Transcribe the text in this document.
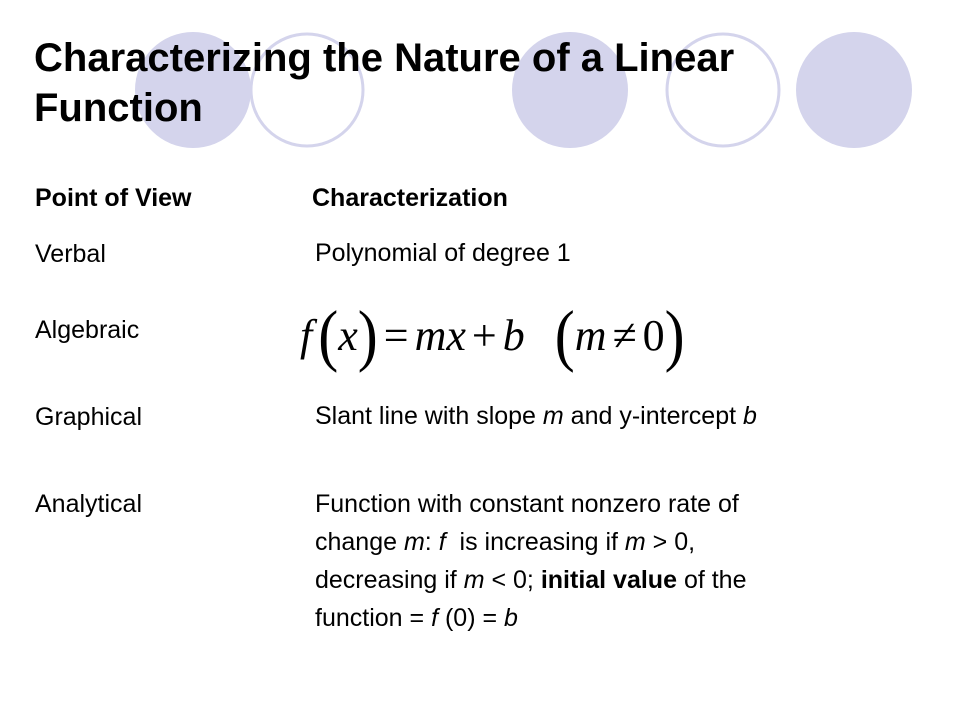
Characterizing the Nature of a Linear Function
Point of View	Characterization
Verbal	Polynomial of degree 1
Algebraic	f ( x ) = mx + b ( m ≠ 0 )
Graphical	Slant line with slope m and y-intercept b
Analytical	Function with constant nonzero rate of
change m: f  is increasing if m > 0,
decreasing if m < 0; initial value of the
function = f (0) = b
